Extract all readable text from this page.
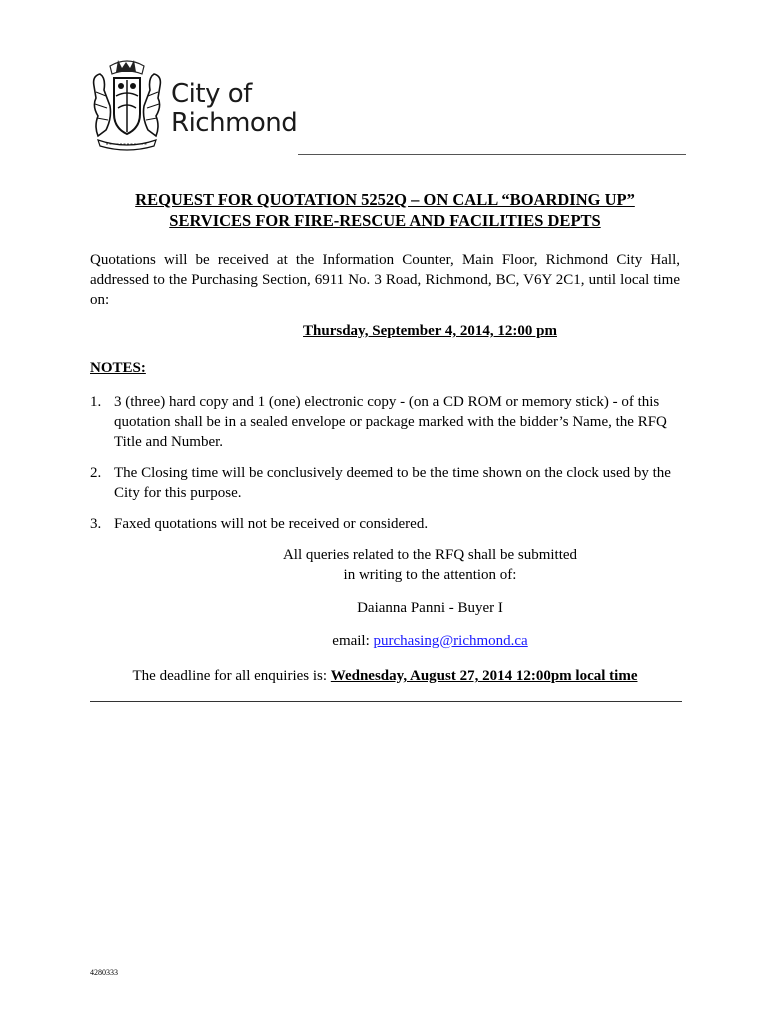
City of
Richmond
REQUEST FOR QUOTATION 5252Q – ON CALL “BOARDING UP”
SERVICES FOR FIRE-RESCUE AND FACILITIES DEPTS
Quotations will be received at the Information Counter, Main Floor, Richmond City Hall, addressed to the Purchasing Section, 6911 No. 3 Road, Richmond, BC, V6Y 2C1, until local time on:
Thursday, September 4, 2014, 12:00 pm
NOTES:
1. 3 (three) hard copy and 1 (one) electronic copy - (on a CD ROM or memory stick) - of this quotation shall be in a sealed envelope or package marked with the bidder’s Name, the RFQ Title and Number.
2. The Closing time will be conclusively deemed to be the time shown on the clock used by the City for this purpose.
3. Faxed quotations will not be received or considered.
All queries related to the RFQ shall be submitted
in writing to the attention of:
Daianna Panni - Buyer I
email: purchasing@richmond.ca
The deadline for all enquiries is: Wednesday, August 27, 2014 12:00pm local time
4280333
